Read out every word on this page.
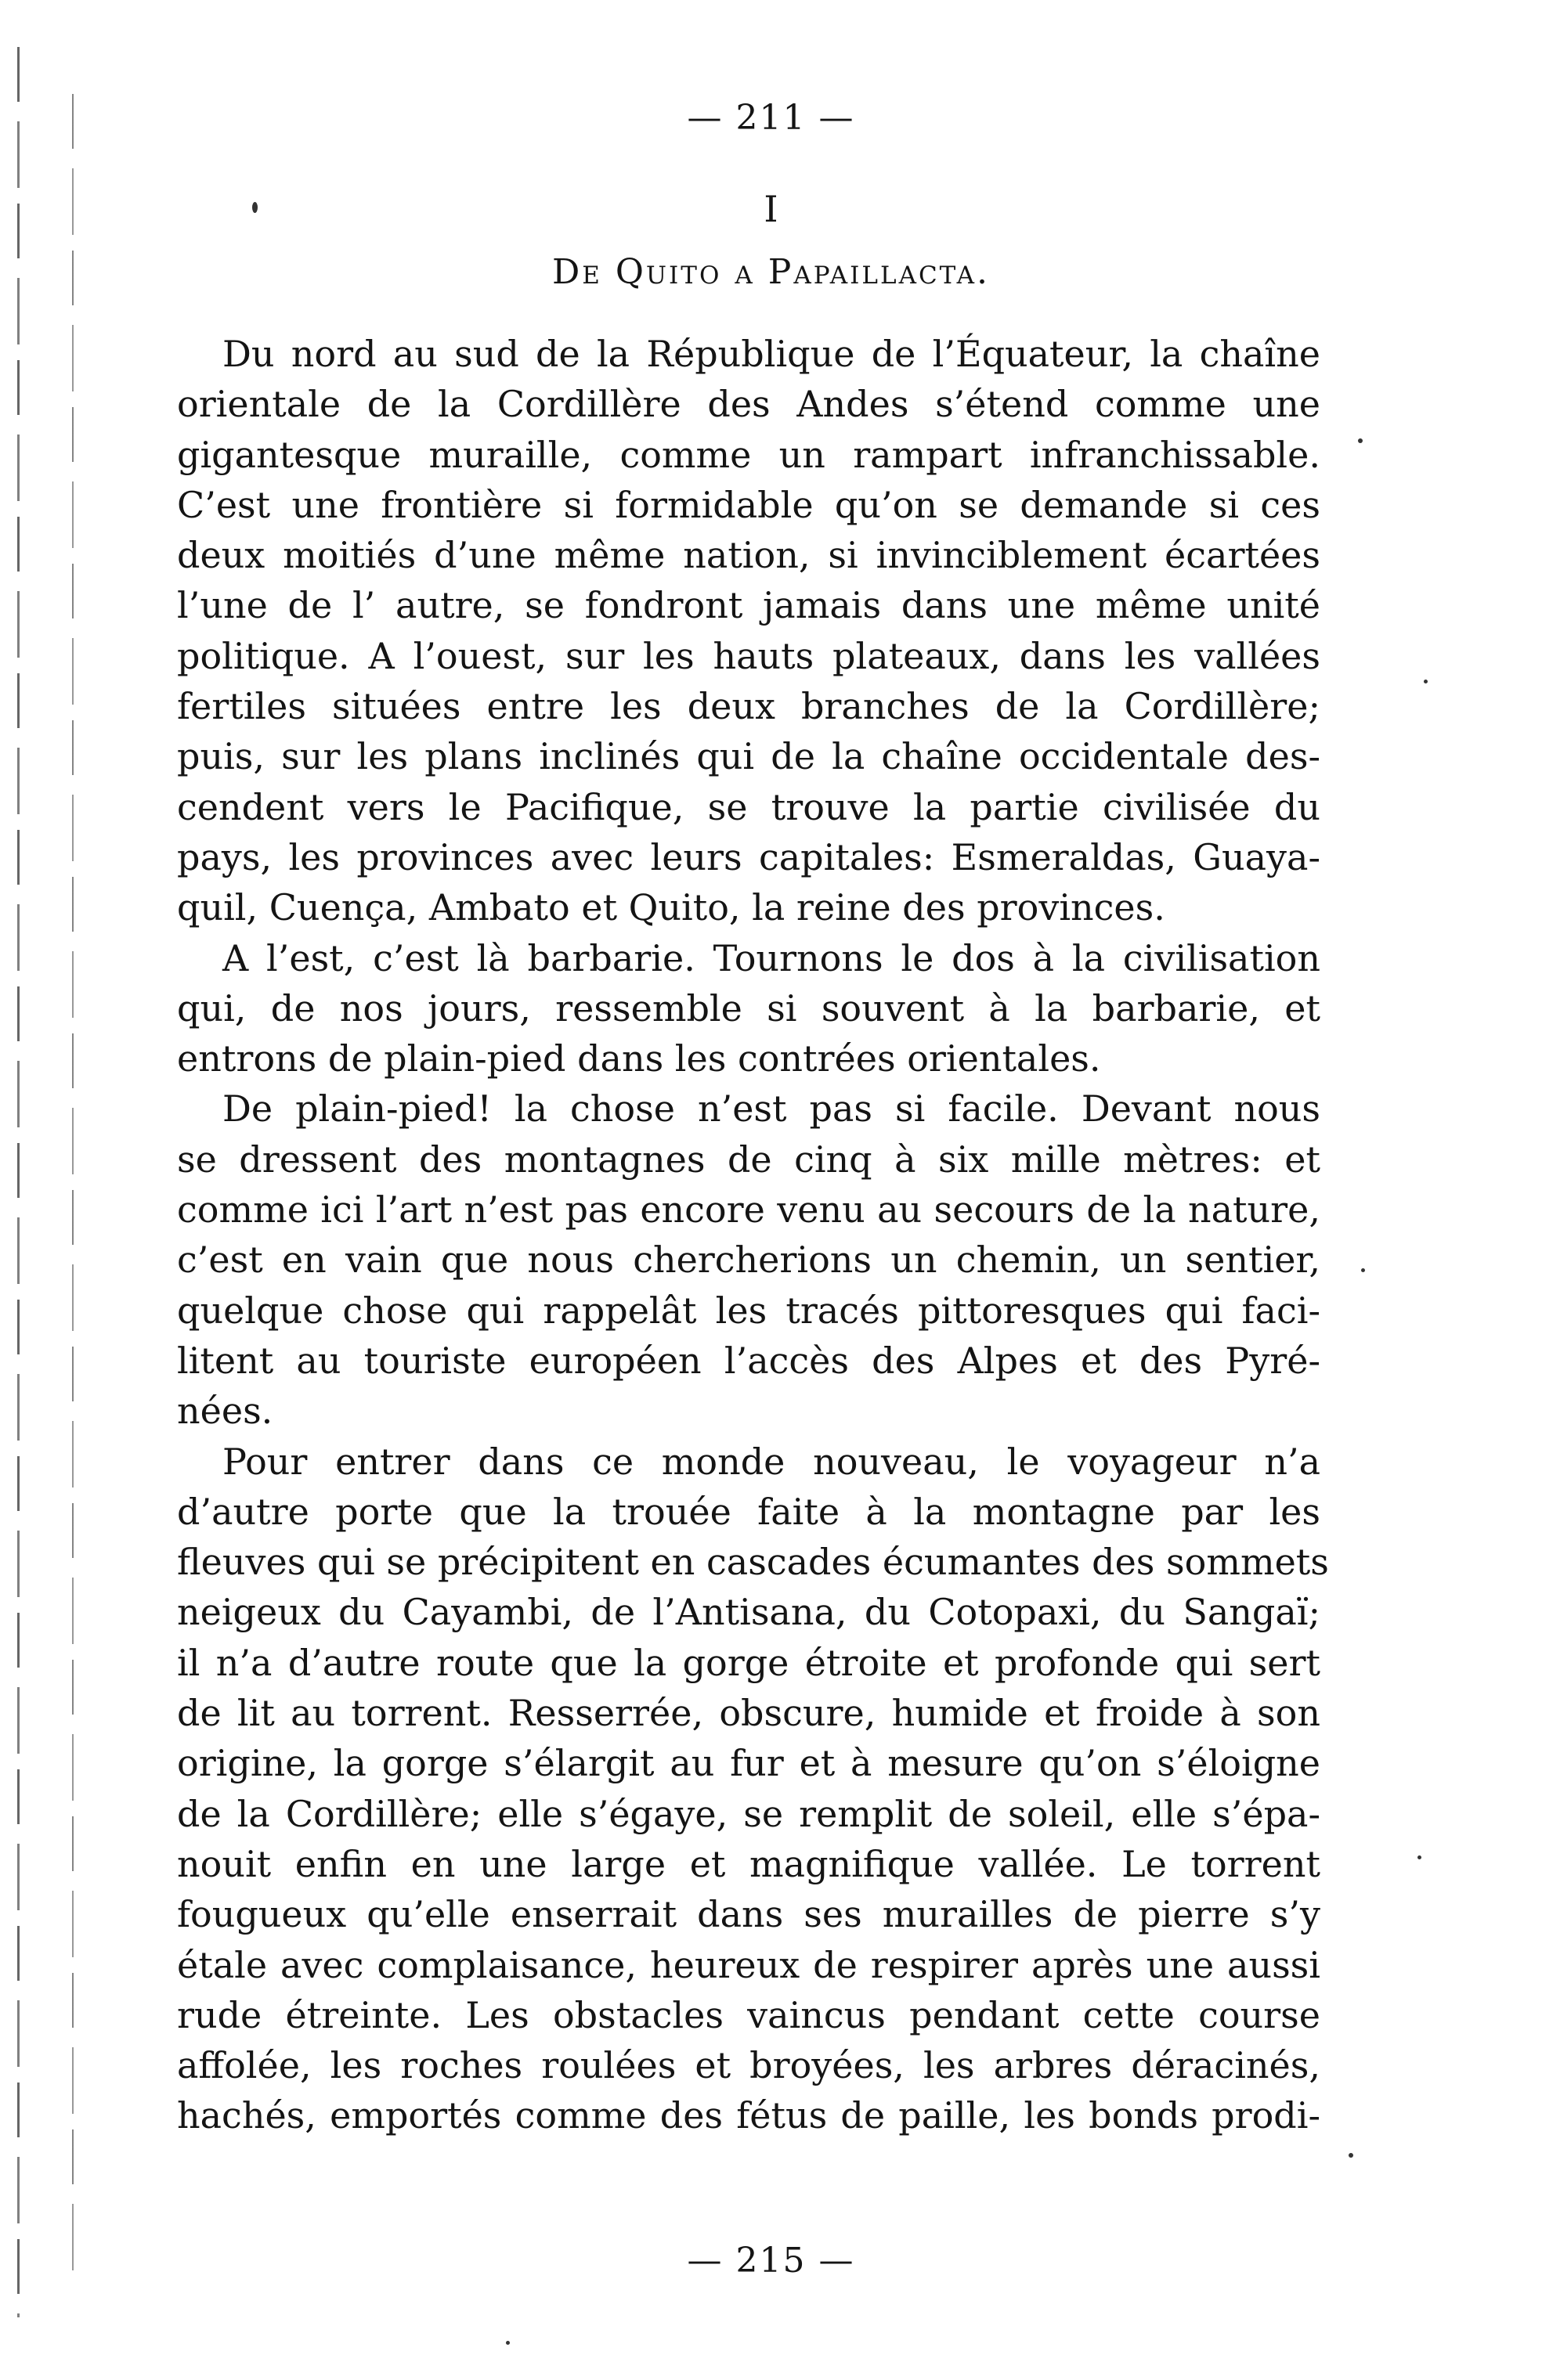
— 211 —
I
De Quito a Papaillacta.

Du nord au sud de la République de l’Équateur, la chaîne
orientale de la Cordillère des Andes s’étend comme une
gigantesque muraille, comme un rampart infranchissable.
C’est une frontière si formidable qu’on se demande si ces
deux moitiés d’une même nation, si invinciblement écartées
l’une de l’ autre, se fondront jamais dans une même unité
politique. A l’ouest, sur les hauts plateaux, dans les vallées
fertiles situées entre les deux branches de la Cordillère;
puis, sur les plans inclinés qui de la chaîne occidentale des-
cendent vers le Pacifique, se trouve la partie civilisée du
pays, les provinces avec leurs capitales: Esmeraldas, Guaya-
quil, Cuença, Ambato et Quito, la reine des provinces.

A l’est, c’est là barbarie. Tournons le dos à la civilisation
qui, de nos jours, ressemble si souvent à la barbarie, et
entrons de plain-pied dans les contrées orientales.

De plain-pied! la chose n’est pas si facile. Devant nous
se dressent des montagnes de cinq à six mille mètres: et
comme ici l’art n’est pas encore venu au secours de la nature,
c’est en vain que nous chercherions un chemin, un sentier,
quelque chose qui rappelât les tracés pittoresques qui faci-
litent au touriste européen l’accès des Alpes et des Pyré-
nées.

Pour entrer dans ce monde nouveau, le voyageur n’a
d’autre porte que la trouée faite à la montagne par les
fleuves qui se précipitent en cascades écumantes des sommets
neigeux du Cayambi, de l’Antisana, du Cotopaxi, du Sangaï;
il n’a d’autre route que la gorge étroite et profonde qui sert
de lit au torrent. Resserrée, obscure, humide et froide à son
origine, la gorge s’élargit au fur et à mesure qu’on s’éloigne
de la Cordillère; elle s’égaye, se remplit de soleil, elle s’épa-
nouit enfin en une large et magnifique vallée. Le torrent
fougueux qu’elle enserrait dans ses murailles de pierre s’y
étale avec complaisance, heureux de respirer après une aussi
rude étreinte. Les obstacles vaincus pendant cette course
affolée, les roches roulées et broyées, les arbres déracinés,
hachés, emportés comme des fétus de paille, les bonds prodi-

— 215 —
